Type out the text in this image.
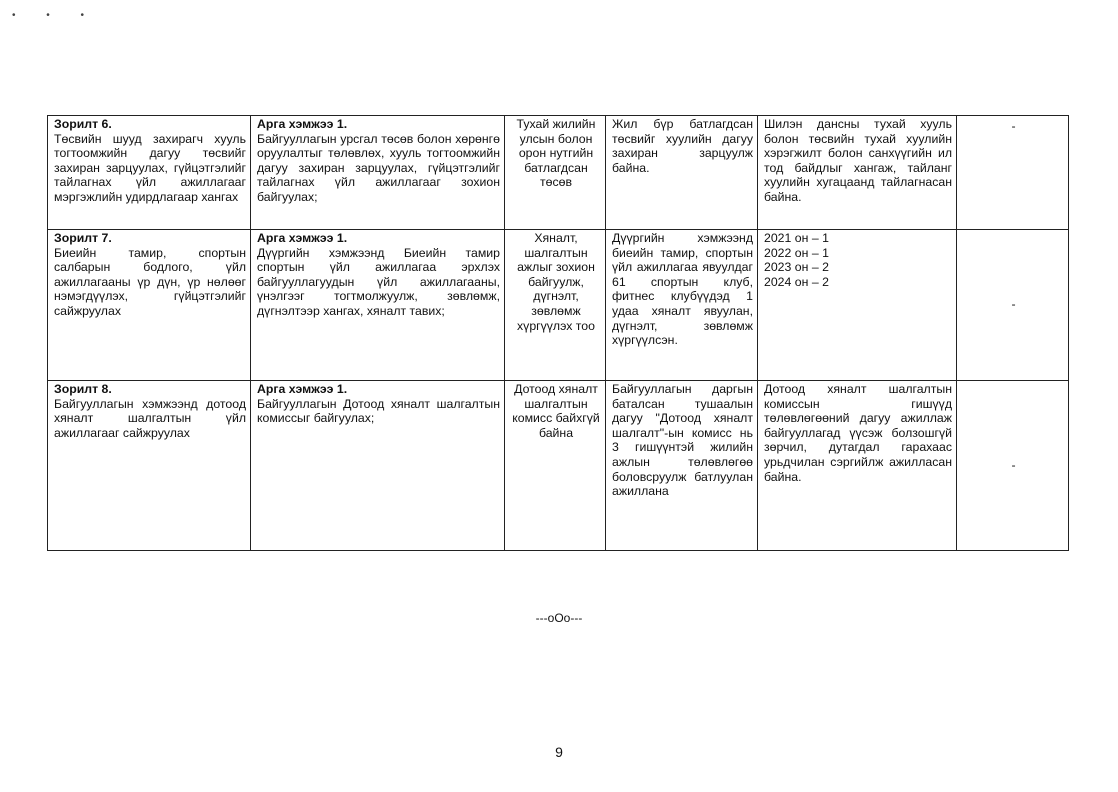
• • •
Зорилт 6.
Төсвийн шууд захирагч хууль тогтоомжийн дагуу төсвийг захиран зарцуулах, гүйцэтгэлийг тайлагнах үйл ажиллагааг мэргэжлийн удирдлагаар хангах	Арга хэмжээ 1.
Байгууллагын урсгал төсөв болон хөрөнгө оруулалтыг төлөвлөх, хууль тогтоомжийн дагуу захиран зарцуулах, гүйцэтгэлийг тайлагнах үйл ажиллагааг зохион байгуулах;	Тухай жилийн улсын болон орон нутгийн батлагдсан төсөв	Жил бүр батлагдсан төсвийг хуулийн дагуу захиран зарцуулж байна.	Шилэн дансны тухай хууль болон төсвийн тухай хуулийн хэрэгжилт болон санхүүгийн ил тод байдлыг хангаж, тайланг хуулийн хугацаанд тайлагнасан байна.	-

Зорилт 7.
Биеийн тамир, спортын салбарын бодлого, үйл ажиллагааны үр дүн, үр нөлөөг нэмэгдүүлэх, гүйцэтгэлийг сайжруулах	Арга хэмжээ 1.
Дүүргийн хэмжээнд Биеийн тамир спортын үйл ажиллагаа эрхлэх байгууллагуудын үйл ажиллагааны, үнэлгээг тогтмолжуулж, зөвлөмж, дүгнэлтээр хангах, хяналт тавих;	Хяналт, шалгалтын ажлыг зохион байгуулж, дүгнэлт, зөвлөмж хүргүүлэх тоо	Дүүргийн хэмжээнд биеийн тамир, спортын үйл ажиллагаа явуулдаг 61 спортын клуб, фитнес клубүүдэд 1 удаа хяналт явуулан, дүгнэлт, зөвлөмж хүргүүлсэн.	2021 он – 1
2022 он – 1
2023 он – 2
2024 он – 2	-

Зорилт 8.
Байгууллагын хэмжээнд дотоод хяналт шалгалтын үйл ажиллагааг сайжруулах	Арга хэмжээ 1.
Байгууллагын Дотоод хяналт шалгалтын комиссыг байгуулах;	Дотоод хяналт шалгалтын комисс байхгүй байна	Байгууллагын даргын баталсан тушаалын дагуу "Дотоод хяналт шалгалт"-ын комисс нь 3 гишүүнтэй жилийн ажлын төлөвлөгөө боловсруулж батлуулан ажиллана	Дотоод хяналт шалгалтын комиссын гишүүд төлөвлөгөөний дагуу ажиллаж байгууллагад үүсэж болзошгүй зөрчил, дутагдал гарахаас урьдчилан сэргийлж ажилласан байна.	-
---oOo---
9
